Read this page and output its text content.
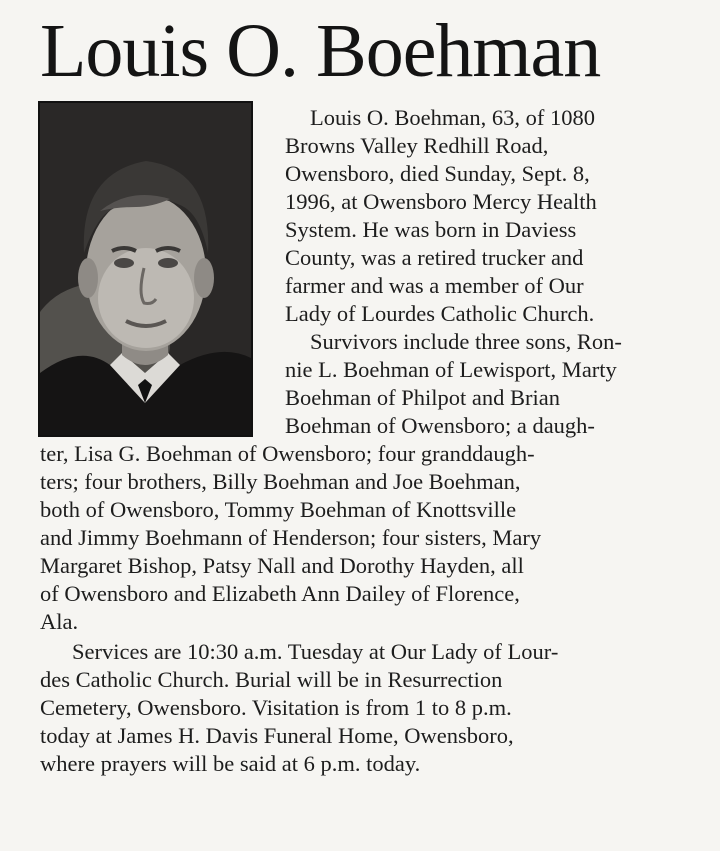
Louis O. Boehman

Louis O. Boehman, 63, of 1080

Browns Valley Redhill Road,

Owensboro, died Sunday, Sept. 8,

1996, at Owensboro Mercy Health

System. He was born in Daviess

County, was a retired trucker and

farmer and was a member of Our

Lady of Lourdes Catholic Church.

Survivors include three sons, Ron-

nie L. Boehman of Lewisport, Marty

Boehman of Philpot and Brian

Boehman of Owensboro; a daugh-

ter, Lisa G. Boehman of Owensboro; four granddaugh-

ters; four brothers, Billy Boehman and Joe Boehman,

both of Owensboro, Tommy Boehman of Knottsville

and Jimmy Boehmann of Henderson; four sisters, Mary

Margaret Bishop, Patsy Nall and Dorothy Hayden, all

of Owensboro and Elizabeth Ann Dailey of Florence,

Ala.

Services are 10:30 a.m. Tuesday at Our Lady of Lour-

des Catholic Church. Burial will be in Resurrection

Cemetery, Owensboro. Visitation is from 1 to 8 p.m.

today at James H. Davis Funeral Home, Owensboro,

where prayers will be said at 6 p.m. today.
